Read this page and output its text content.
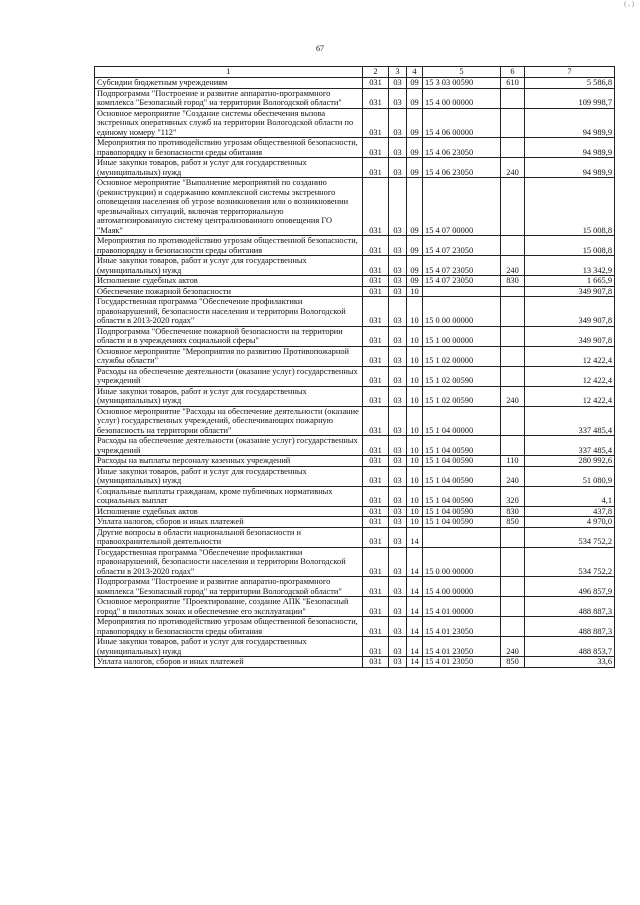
( , )
67
1	2	3	4	5	6	7
Субсидии бюджетным учреждениям	031	03	09	15 3 03 00590	610	5 586,8
Подпрограмма "Построение и развитие аппаратно-программного комплекса "Безопасный город" на территории Вологодской области"	031	03	09	15 4 00 00000		109 998,7
Основное мероприятие "Создание системы обеспечения вызова экстренных оперативных служб на территории Вологодской области по единому номеру "112"	031	03	09	15 4 06 00000		94 989,9
Мероприятия по противодействию угрозам общественной безопасности, правопорядку и безопасности среды обитания	031	03	09	15 4 06 23050		94 989,9
Иные закупки товаров, работ и услуг для государственных (муниципальных) нужд	031	03	09	15 4 06 23050	240	94 989,9
Основное мероприятие "Выполнение мероприятий по созданию (реконструкции) и содержанию комплексной системы экстренного оповещения населения об угрозе возникновения или о возникновении чрезвычайных ситуаций, включая территориальную автоматизированную систему централизованного оповещения ГО "Маяк"	031	03	09	15 4 07 00000		15 008,8
Мероприятия по противодействию угрозам общественной безопасности, правопорядку и безопасности среды обитания	031	03	09	15 4 07 23050		15 008,8
Иные закупки товаров, работ и услуг для государственных (муниципальных) нужд	031	03	09	15 4 07 23050	240	13 342,9
Исполнение судебных актов	031	03	09	15 4 07 23050	830	1 665,9
Обеспечение пожарной безопасности	031	03	10			349 907,8
Государственная программа "Обеспечение профилактики правонарушений, безопасности населения и территории Вологодской области в 2013-2020 годах"	031	03	10	15 0 00 00000		349 907,8
Подпрограмма "Обеспечение пожарной безопасности на территории области и в учреждениях социальной сферы"	031	03	10	15 1 00 00000		349 907,8
Основное мероприятие "Мероприятия по развитию Противопожарной службы области"	031	03	10	15 1 02 00000		12 422,4
Расходы на обеспечение деятельности (оказание услуг) государственных учреждений	031	03	10	15 1 02 00590		12 422,4
Иные закупки товаров, работ и услуг для государственных (муниципальных) нужд	031	03	10	15 1 02 00590	240	12 422,4
Основное мероприятие "Расходы на обеспечение деятельности (оказание услуг) государственных учреждений, обеспечивающих пожарную безопасность на территории области"	031	03	10	15 1 04 00000		337 485,4
Расходы на обеспечение деятельности (оказание услуг) государственных учреждений	031	03	10	15 1 04 00590		337 485,4
Расходы на выплаты персоналу казенных учреждений	031	03	10	15 1 04 00590	110	280 992,6
Иные закупки товаров, работ и услуг для государственных (муниципальных) нужд	031	03	10	15 1 04 00590	240	51 080,9
Социальные выплаты гражданам, кроме публичных нормативных социальных выплат	031	03	10	15 1 04 00590	320	4,1
Исполнение судебных актов	031	03	10	15 1 04 00590	830	437,8
Уплата налогов, сборов и иных платежей	031	03	10	15 1 04 00590	850	4 970,0
Другие вопросы в области национальной безопасности и правоохранительной деятельности	031	03	14			534 752,2
Государственная программа "Обеспечение профилактики правонарушений, безопасности населения и территории Вологодской области в 2013-2020 годах"	031	03	14	15 0 00 00000		534 752,2
Подпрограмма "Построение и развитие аппаратно-программного комплекса "Безопасный город" на территории Вологодской области"	031	03	14	15 4 00 00000		496 857,9
Основное мероприятие "Проектирование, создание АПК "Безопасный город" в пилотных зонах и обеспечение его эксплуатации"	031	03	14	15 4 01 00000		488 887,3
Мероприятия по противодействию угрозам общественной безопасности, правопорядку и безопасности среды обитания	031	03	14	15 4 01 23050		488 887,3
Иные закупки товаров, работ и услуг для государственных (муниципальных) нужд	031	03	14	15 4 01 23050	240	488 853,7
Уплата налогов, сборов и иных платежей	031	03	14	15 4 01 23050	850	33,6
